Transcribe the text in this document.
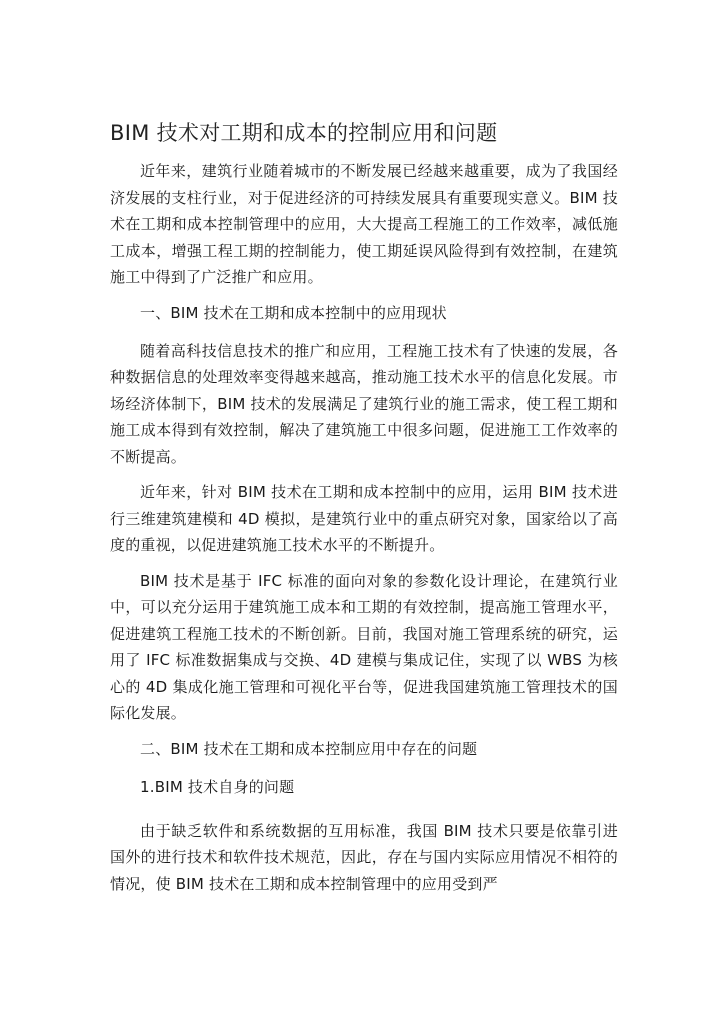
BIM 技术对工期和成本的控制应用和问题

近年来，建筑行业随着城市的不断发展已经越来越重要，成为了我国经济发展的支柱行业，对于促进经济的可持续发展具有重要现实意义。BIM 技术在工期和成本控制管理中的应用，大大提高工程施工的工作效率，减低施工成本，增强工程工期的控制能力，使工期延误风险得到有效控制，在建筑施工中得到了广泛推广和应用。

一、BIM 技术在工期和成本控制中的应用现状

随着高科技信息技术的推广和应用，工程施工技术有了快速的发展，各种数据信息的处理效率变得越来越高，推动施工技术水平的信息化发展。市场经济体制下，BIM 技术的发展满足了建筑行业的施工需求，使工程工期和施工成本得到有效控制，解决了建筑施工中很多问题，促进施工工作效率的不断提高。

近年来，针对 BIM 技术在工期和成本控制中的应用，运用 BIM 技术进行三维建筑建模和 4D 模拟，是建筑行业中的重点研究对象，国家给以了高度的重视，以促进建筑施工技术水平的不断提升。

BIM 技术是基于 IFC 标准的面向对象的参数化设计理论，在建筑行业中，可以充分运用于建筑施工成本和工期的有效控制，提高施工管理水平，促进建筑工程施工技术的不断创新。目前，我国对施工管理系统的研究，运用了 IFC 标准数据集成与交换、4D 建模与集成记住，实现了以 WBS 为核心的 4D 集成化施工管理和可视化平台等，促进我国建筑施工管理技术的国际化发展。

二、BIM 技术在工期和成本控制应用中存在的问题

1.BIM 技术自身的问题

由于缺乏软件和系统数据的互用标准，我国 BIM 技术只要是依靠引进国外的进行技术和软件技术规范，因此，存在与国内实际应用情况不相符的情况，使 BIM 技术在工期和成本控制管理中的应用受到严
